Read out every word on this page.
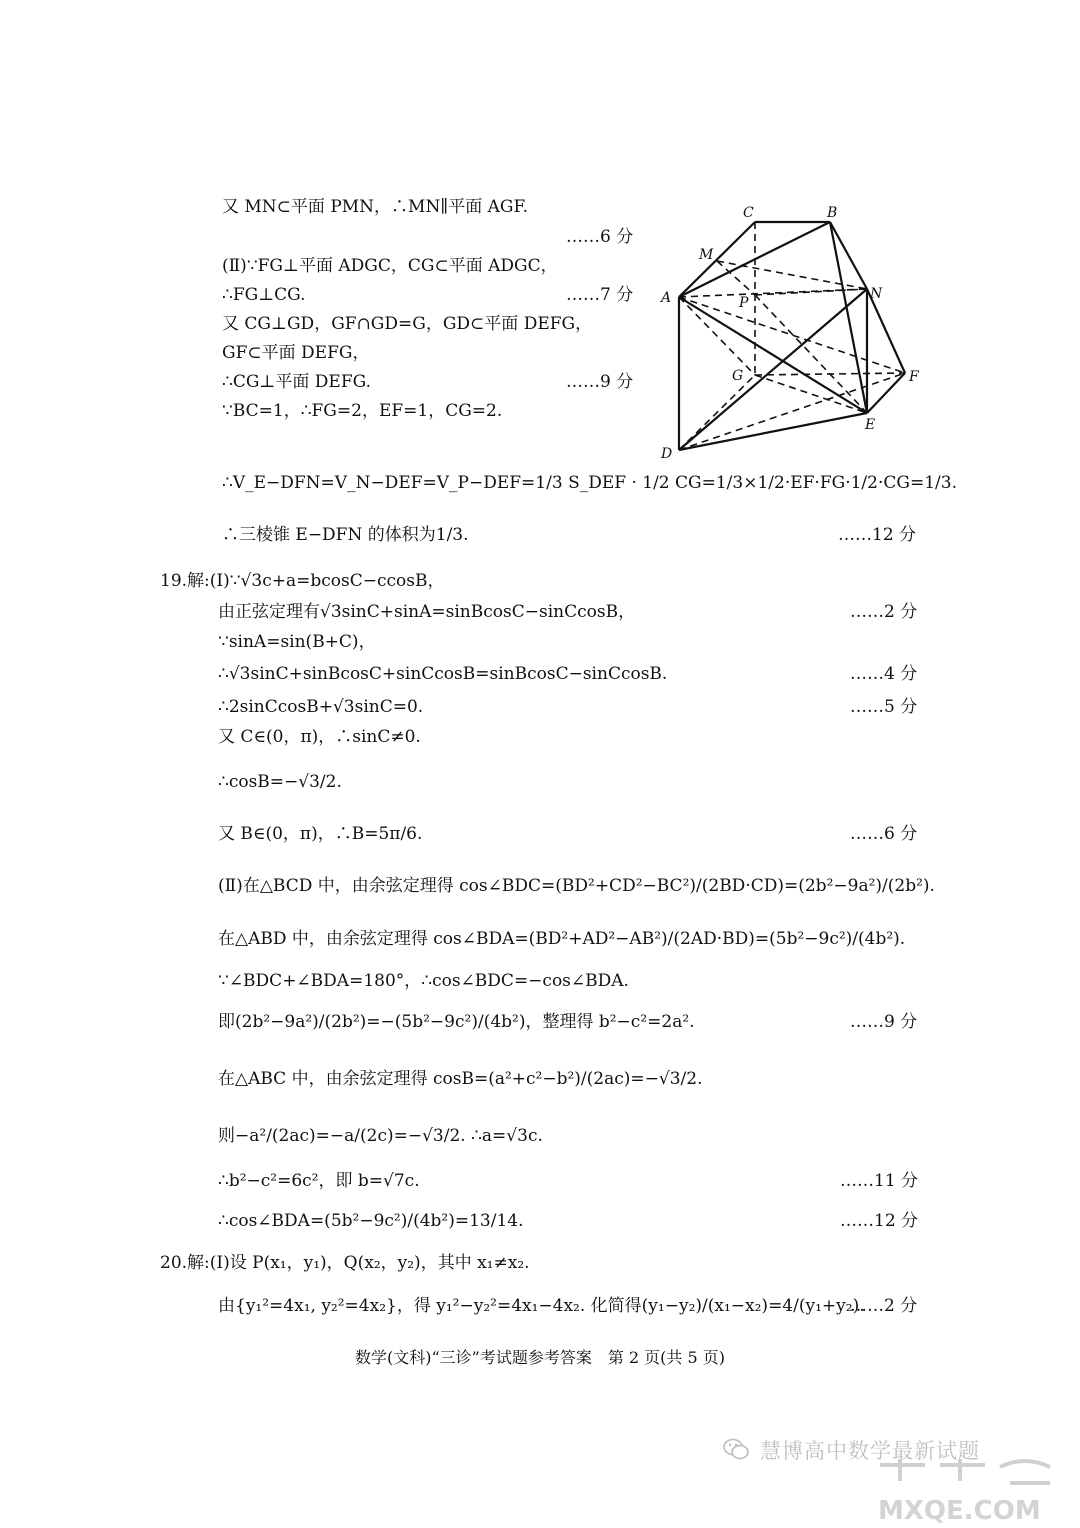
C	B
M
A	P
N
G	F
E
D
又 MN⊂平面 PMN，∴MN∥平面 AGF.
……6 分
(Ⅱ)∵FG⊥平面 ADGC，CG⊂平面 ADGC，
∴FG⊥CG.	……7 分
又 CG⊥GD，GF∩GD=G，GD⊂平面 DEFG，
GF⊂平面 DEFG，
∴CG⊥平面 DEFG.	……9 分
∵BC=1，∴FG=2，EF=1，CG=2.
∴V_E−DFN=V_N−DEF=V_P−DEF=1/3 S_DEF · 1/2 CG=1/3×1/2·EF·FG·1/2·CG=1/3.
∴三棱锥 E−DFN 的体积为1/3.	……12 分
19.解:(Ⅰ)∵√3c+a=bcosC−ccosB，
由正弦定理有√3sinC+sinA=sinBcosC−sinCcosB，	……2 分
∵sinA=sin(B+C)，
∴√3sinC+sinBcosC+sinCcosB=sinBcosC−sinCcosB.	……4 分
∴2sinCcosB+√3sinC=0.	……5 分
又 C∈(0，π)，∴sinC≠0.
∴cosB=−√3/2.
又 B∈(0，π)，∴B=5π/6.	……6 分
(Ⅱ)在△BCD 中，由余弦定理得 cos∠BDC=(BD²+CD²−BC²)/(2BD·CD)=(2b²−9a²)/(2b²).
在△ABD 中，由余弦定理得 cos∠BDA=(BD²+AD²−AB²)/(2AD·BD)=(5b²−9c²)/(4b²).
∵∠BDC+∠BDA=180°，∴cos∠BDC=−cos∠BDA.
即(2b²−9a²)/(2b²)=−(5b²−9c²)/(4b²)，整理得 b²−c²=2a².	……9 分
在△ABC 中，由余弦定理得 cosB=(a²+c²−b²)/(2ac)=−√3/2.
则−a²/(2ac)=−a/(2c)=−√3/2. ∴a=√3c.
∴b²−c²=6c²，即 b=√7c.	……11 分
∴cos∠BDA=(5b²−9c²)/(4b²)=13/14.	……12 分
20.解:(Ⅰ)设 P(x₁，y₁)，Q(x₂，y₂)，其中 x₁≠x₂.
由{y₁²=4x₁, y₂²=4x₂}，得 y₁²−y₂²=4x₁−4x₂. 化简得(y₁−y₂)/(x₁−x₂)=4/(y₁+y₂).
……2 分
数学(文科)“三诊”考试题参考答案　第 2 页(共 5 页)
慧博高中数学最新试题
MXQE.COM
